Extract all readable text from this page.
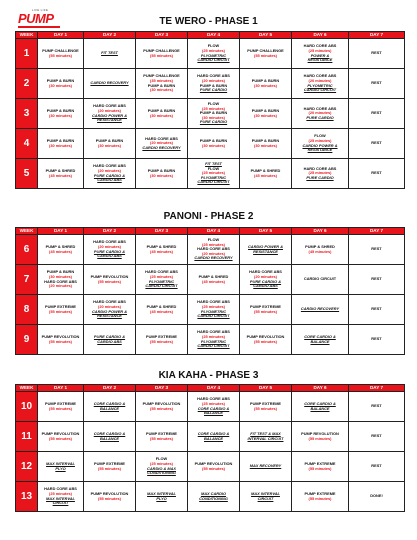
LIVE LIFE
PUMP	TE WERO - PHASE 1
WEEK	DAY 1	DAY 2	DAY 3	DAY 4	DAY 5	DAY 6	DAY 7
1	PUMP CHALLENGE
(55 minutes)	FIT TEST	PUMP CHALLENGE
(55 minutes)	FLOW
(25 minutes)
PLYOMETRIC
CARDIO CIRCUIT	PUMP CHALLENGE
(55 minutes)	HARD CORE ABS
(25 minutes)
POWER &
RESISTANCE	REST

2	PUMP & BURN
(30 minutes)	CARDIO RECOVERY	PUMP CHALLENGE
(35 minutes)
PUMP & BURN
(30 minutes)	HARD CORE ABS
(20 minutes)
PUMP & BURN
PURE CARDIO	PUMP & BURN
(30 minutes)	HARD CORE ABS
(20 minutes)
PLYOMETRIC
CARDIO CIRCUIT	REST

3	PUMP & BURN
(30 minutes)	HARD CORE ABS
(20 minutes)
CARDIO POWER &
RESISTANCE	PUMP & BURN
(30 minutes)	FLOW
(25 minutes)
PUMP & BURN
(30 minutes)
PURE CARDIO	PUMP & BURN
(30 minutes)	HARD CORE ABS
(20 minutes)
PURE CARDIO	REST

4	PUMP & BURN
(30 minutes)	PUMP & BURN
(30 minutes)	HARD CORE ABS
(20 minutes)
CARDIO RECOVERY	PUMP & BURN
(30 minutes)	PUMP & BURN
(30 minutes)	FLOW
(25 minutes)
CARDIO POWER &
RESISTANCE	REST

5	PUMP & SHRED
(45 minutes)	HARD CORE ABS
(20 minutes)
PURE CARDIO &
CARDIO ABS	PUMP & BURN
(30 minutes)	FIT TEST
FLOW
(25 minutes)
PLYOMETRIC
CARDIO CIRCUIT	PUMP & SHRED
(45 minutes)	HARD CORE ABS
(25 minutes)
PURE CARDIO	REST
PANONI - PHASE 2
WEEK	DAY 1	DAY 2	DAY 3	DAY 4	DAY 5	DAY 6	DAY 7
6	PUMP & SHRED
(45 minutes)	HARD CORE ABS
(20 minutes)
PURE CARDIO &
CARDIO ABS	PUMP & SHRED
(45 minutes)	FLOW
(25 minutes)
HARD CORE ABS
(20 minutes)
CARDIO RECOVERY	CARDIO POWER &
RESISTANCE	PUMP & SHRED
(45 minutes)	REST

7	PUMP & BURN
(30 minutes)
HARD CORE ABS
(20 minutes)	PUMP REVOLUTION
(55 minutes)	HARD CORE ABS
(25 minutes)
PLYOMETRIC
CARDIO CIRCUIT	PUMP & SHRED
(45 minutes)	HARD CORE ABS
(20 minutes)
PURE CARDIO &
CARDIO ABS	CARDIO CIRCUIT	REST

8	PUMP EXTREME
(55 minutes)	HARD CORE ABS
(20 minutes)
CARDIO POWER &
RESISTANCE	PUMP & SHRED
(45 minutes)	HARD CORE ABS
(25 minutes)
PLYOMETRIC
CARDIO CIRCUIT	PUMP EXTREME
(55 minutes)	CARDIO RECOVERY	REST

9	PUMP REVOLUTION
(55 minutes)	PURE CARDIO &
CARDIO ABS	PUMP EXTREME
(55 minutes)	HARD CORE ABS
(25 minutes)
PLYOMETRIC
CARDIO CIRCUIT	PUMP REVOLUTION
(55 minutes)	CORE CARDIO &
BALANCE	REST
KIA KAHA - PHASE 3
WEEK	DAY 1	DAY 2	DAY 3	DAY 4	DAY 5	DAY 6	DAY 7
10	PUMP EXTREME
(55 minutes)	CORE CARDIO &
BALANCE	PUMP REVOLUTION
(55 minutes)	HARD CORE ABS
(25 minutes)
CORE CARDIO &
BALANCE	PUMP EXTREME
(55 minutes)	CORE CARDIO &
BALANCE	REST

11	PUMP REVOLUTION
(55 minutes)	CORE CARDIO &
BALANCE	PUMP EXTREME
(55 minutes)	CORE CARDIO &
BALANCE	FIT TEST & MAX
INTERVAL CIRCUIT	PUMP REVOLUTION
(55 minutes)	REST

12	MAX INTERVAL
PLYO	PUMP EXTREME
(55 minutes)	FLOW
(25 minutes)
CARDIO & MAX
CONDITIONING	PUMP REVOLUTION
(55 minutes)	MAX RECOVERY	PUMP EXTREME
(55 minutes)	REST

13	HARD CORE ABS
(25 minutes)
MAX INTERVAL
CIRCUIT	PUMP REVOLUTION
(55 minutes)	MAX INTERVAL
PLYO	MAX CARDIO
CONDITIONING	MAX INTERVAL
CIRCUIT	PUMP EXTREME
(55 minutes)	DONE!
